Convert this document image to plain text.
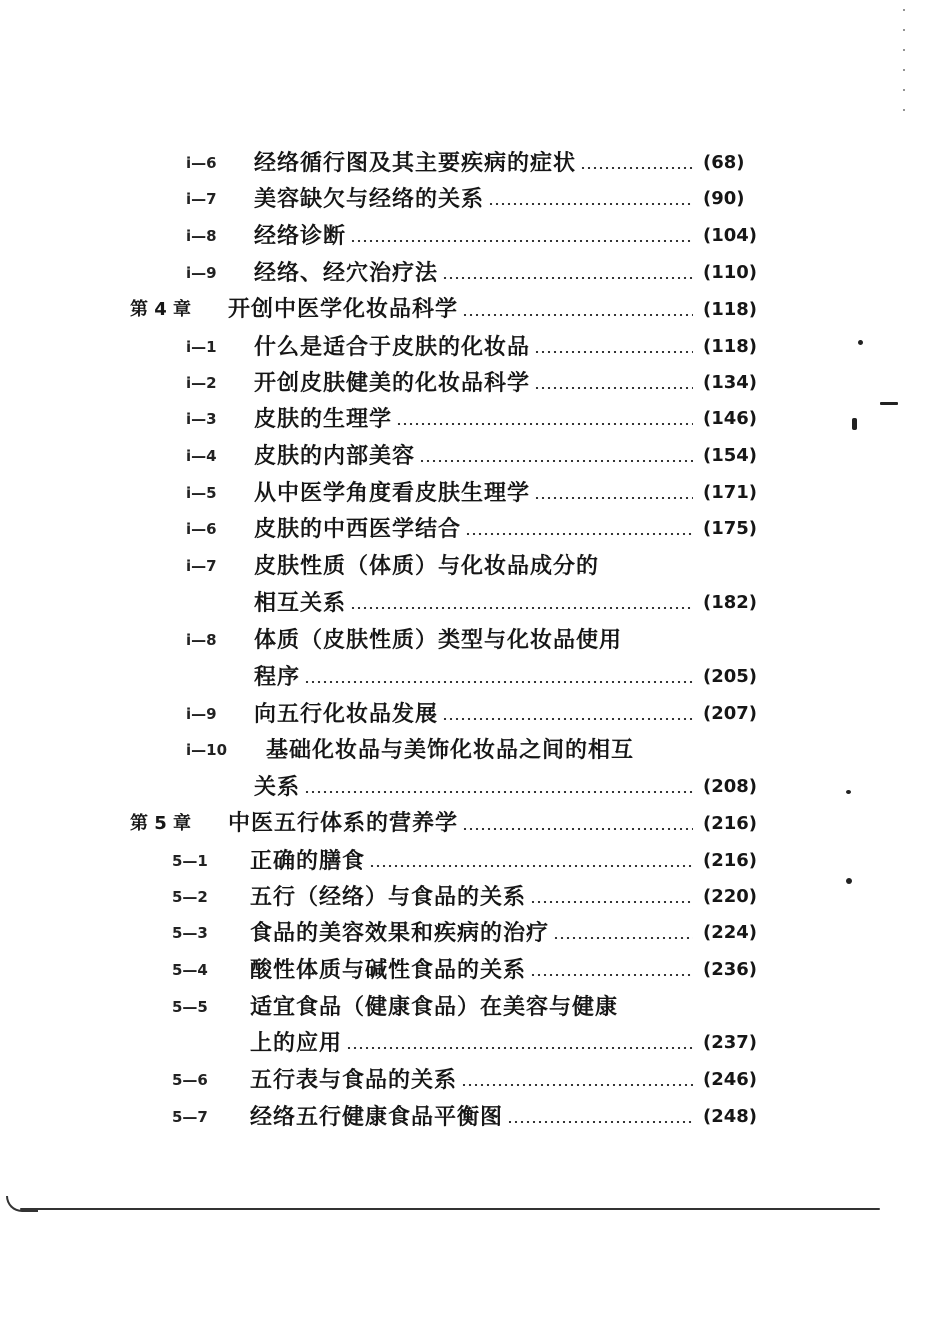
i—6 经络循行图及其主要疾病的症状	(68)
i—7 美容缺欠与经络的关系	(90)
i—8 经络诊断	(104)
i—9 经络、经穴治疗法	(110)
第 4 章 开创中医学化妆品科学	(118)
i—1 什么是适合于皮肤的化妆品	(118)
i—2 开创皮肤健美的化妆品科学	(134)
i—3 皮肤的生理学	(146)
i—4 皮肤的内部美容	(154)
i—5 从中医学角度看皮肤生理学	(171)
i—6 皮肤的中西医学结合	(175)
i—7 皮肤性质（体质）与化妆品成分的
相互关系	(182)
i—8 体质（皮肤性质）类型与化妆品使用
程序	(205)
i—9 向五行化妆品发展	(207)
i—10 基础化妆品与美饰化妆品之间的相互
关系	(208)
第 5 章 中医五行体系的营养学	(216)
5—1 正确的膳食	(216)
5—2 五行（经络）与食品的关系	(220)
5—3 食品的美容效果和疾病的治疗	(224)
5—4 酸性体质与碱性食品的关系	(236)
5—5 适宜食品（健康食品）在美容与健康
上的应用	(237)
5—6 五行表与食品的关系	(246)
5—7 经络五行健康食品平衡图	(248)
